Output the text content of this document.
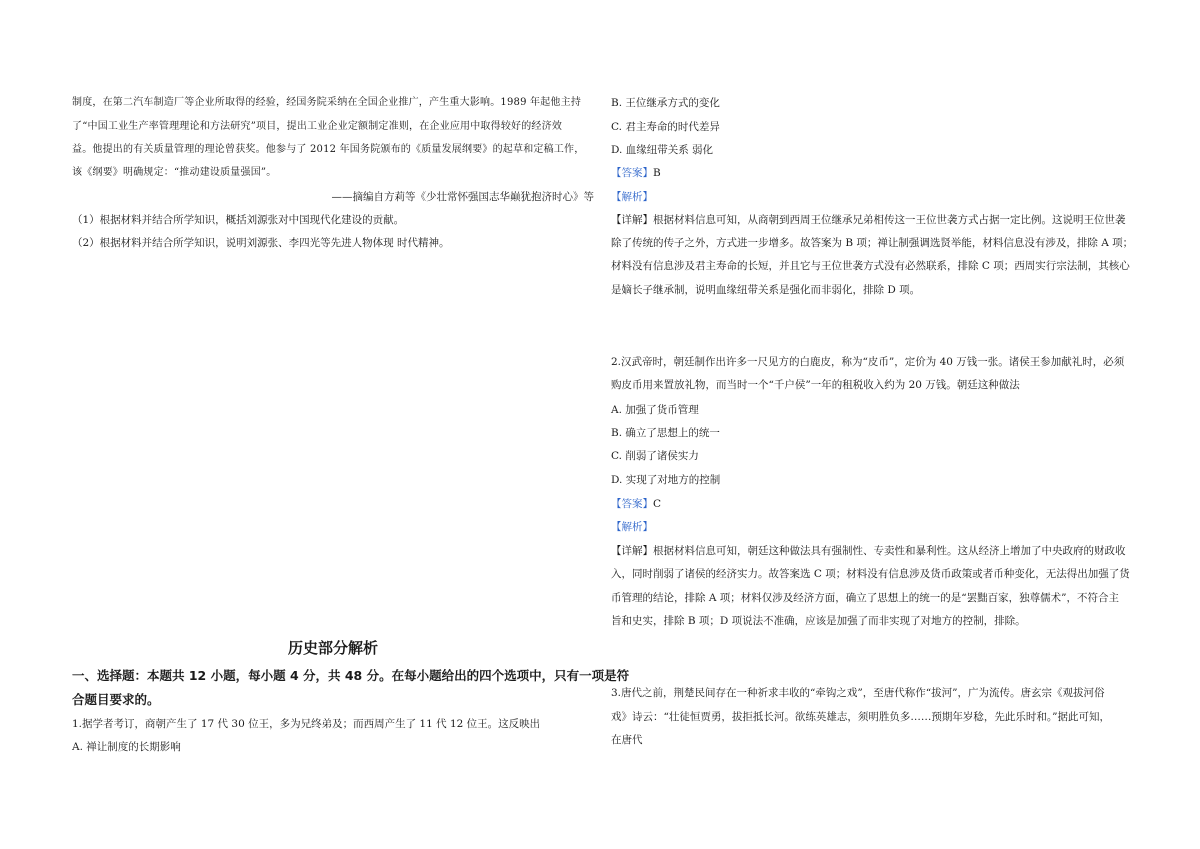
制度，在第二汽车制造厂等企业所取得的经验，经国务院采纳在全国企业推广，产生重大影响。1989 年起他主持
了“中国工业生产率管理理论和方法研究”项目，提出工业企业定额制定准则，在企业应用中取得较好的经济效
益。他提出的有关质量管理的理论曾获奖。他参与了 2012 年国务院颁布的《质量发展纲要》的起草和定稿工作，
该《纲要》明确规定：“推动建设质量强国”。
——摘编自方莉等《少壮常怀强国志华巅犹抱济时心》等
（1）根据材料并结合所学知识，概括刘源张对中国现代化建设的贡献。
（2）根据材料并结合所学知识，说明刘源张、李四光等先进人物体现 时代精神。
历史部分解析
一、选择题：本题共 12 小题，每小题 4 分，共 48 分。在每小题给出的四个选项中，只有一项是符
合题目要求的。
1.据学者考订，商朝产生了 17 代 30 位王，多为兄终弟及；而西周产生了 11 代 12 位王。这反映出
A. 禅让制度的长期影响
B. 王位继承方式的变化
C. 君主寿命的时代差异
D. 血缘纽带关系 弱化
【答案】B
【解析】
【详解】根据材料信息可知，从商朝到西周王位继承兄弟相传这一王位世袭方式占据一定比例。这说明王位世袭
除了传统的传子之外，方式进一步增多。故答案为 B 项；禅让制强调选贤举能，材料信息没有涉及，排除 A 项；
材料没有信息涉及君主寿命的长短，并且它与王位世袭方式没有必然联系，排除 C 项；西周实行宗法制，其核心
是嫡长子继承制，说明血缘纽带关系是强化而非弱化，排除 D 项。
2.汉武帝时，朝廷制作出许多一尺见方的白鹿皮，称为“皮币”，定价为 40 万钱一张。诸侯王参加献礼时，必须
购皮币用来置放礼物，而当时一个“千户侯”一年的租税收入约为 20 万钱。朝廷这种做法
A. 加强了货币管理
B. 确立了思想上的统一
C. 削弱了诸侯实力
D. 实现了对地方的控制
【答案】C
【解析】
【详解】根据材料信息可知，朝廷这种做法具有强制性、专卖性和暴利性。这从经济上增加了中央政府的财政收
入，同时削弱了诸侯的经济实力。故答案选 C 项；材料没有信息涉及货币政策或者币种变化，无法得出加强了货
币管理的结论，排除 A 项；材料仅涉及经济方面，确立了思想上的统一的是“罢黜百家，独尊儒术”，不符合主
旨和史实，排除 B 项；D 项说法不准确，应该是加强了而非实现了对地方的控制，排除。
3.唐代之前，荆楚民间存在一种祈求丰收的“牵钩之戏”，至唐代称作“拔河”，广为流传。唐玄宗《观拔河俗
戏》诗云：“壮徒恒贾勇，拔拒抵长河。欲练英雄志，须明胜负多……预期年岁稔，先此乐时和。”据此可知，
在唐代
